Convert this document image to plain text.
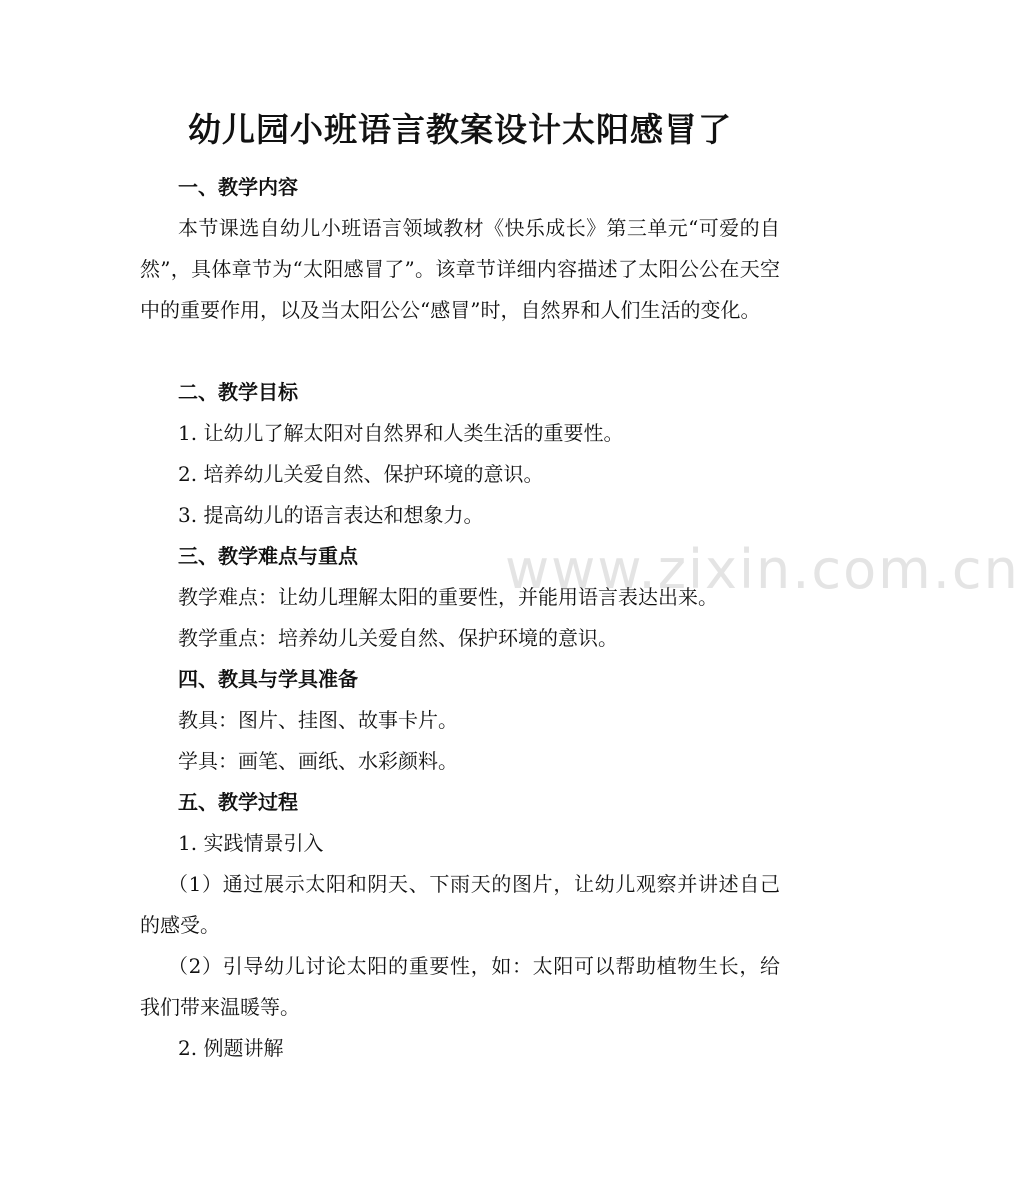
www.zixin.com.cn
幼儿园小班语言教案设计太阳感冒了
一、教学内容
本节课选自幼儿小班语言领域教材《快乐成长》第三单元“可爱的自然”，具体章节为“太阳感冒了”。该章节详细内容描述了太阳公公在天空中的重要作用，以及当太阳公公“感冒”时，自然界和人们生活的变化。
二、教学目标
1. 让幼儿了解太阳对自然界和人类生活的重要性。
2. 培养幼儿关爱自然、保护环境的意识。
3. 提高幼儿的语言表达和想象力。
三、教学难点与重点
教学难点：让幼儿理解太阳的重要性，并能用语言表达出来。
教学重点：培养幼儿关爱自然、保护环境的意识。
四、教具与学具准备
教具：图片、挂图、故事卡片。
学具：画笔、画纸、水彩颜料。
五、教学过程
1. 实践情景引入
（1）通过展示太阳和阴天、下雨天的图片，让幼儿观察并讲述自己的感受。
（2）引导幼儿讨论太阳的重要性，如：太阳可以帮助植物生长，给我们带来温暖等。
2. 例题讲解
